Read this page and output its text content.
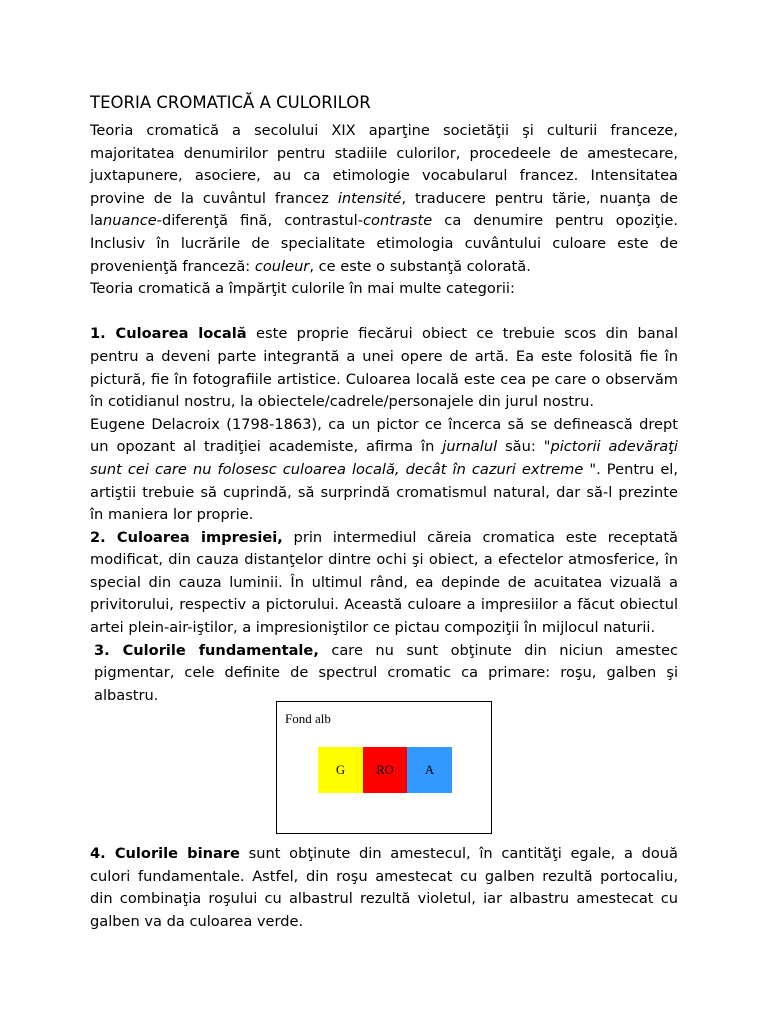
TEORIA CROMATICĂ A CULORILOR

Teoria cromatică a secolului XIX aparţine societăţii şi culturii franceze, majoritatea denumirilor pentru stadiile culorilor, procedeele de amestecare, juxtapunere, asociere, au ca etimologie vocabularul francez. Intensitatea provine de la cuvântul francez intensité, traducere pentru tărie, nuanţa de lanuance-diferenţă fină, contrastul-contraste ca denumire pentru opoziţie. Inclusiv în lucrările de specialitate etimologia cuvântului culoare este de provenienţă franceză: couleur, ce este o substanţă colorată.

Teoria cromatică a împărţit culorile în mai multe categorii:

1. Culoarea locală este proprie fiecărui obiect ce trebuie scos din banal pentru a deveni parte integrantă a unei opere de artă. Ea este folosită fie în pictură, fie în fotografiile artistice. Culoarea locală este cea pe care o observăm în cotidianul nostru, la obiectele/cadrele/personajele din jurul nostru.

Eugene Delacroix (1798-1863), ca un pictor ce încerca să se definească drept un opozant al tradiţiei academiste, afirma în jurnalul său: "pictorii adevăraţi sunt cei care nu folosesc culoarea locală, decât în cazuri extreme ". Pentru el, artiştii trebuie să cuprindă, să surprindă cromatismul natural, dar să-l prezinte în maniera lor proprie.

2. Culoarea impresiei, prin intermediul căreia cromatica este receptată modificat, din cauza distanţelor dintre ochi şi obiect, a efectelor atmosferice, în special din cauza luminii. În ultimul rând, ea depinde de acuitatea vizuală a privitorului, respectiv a pictorului. Această culoare a impresiilor a făcut obiectul artei plein-air-iştilor, a impresioniştilor ce pictau compoziţii în mijlocul naturii.

3. Culorile fundamentale, care nu sunt obţinute din niciun amestec pigmentar, cele definite de spectrul cromatic ca primare: roşu, galben şi albastru.

Fond alb
G	RO	A

4. Culorile binare sunt obţinute din amestecul, în cantităţi egale, a două culori fundamentale. Astfel, din roşu amestecat cu galben rezultă portocaliu, din combinaţia roşului cu albastrul rezultă violetul, iar albastru amestecat cu galben va da culoarea verde.
